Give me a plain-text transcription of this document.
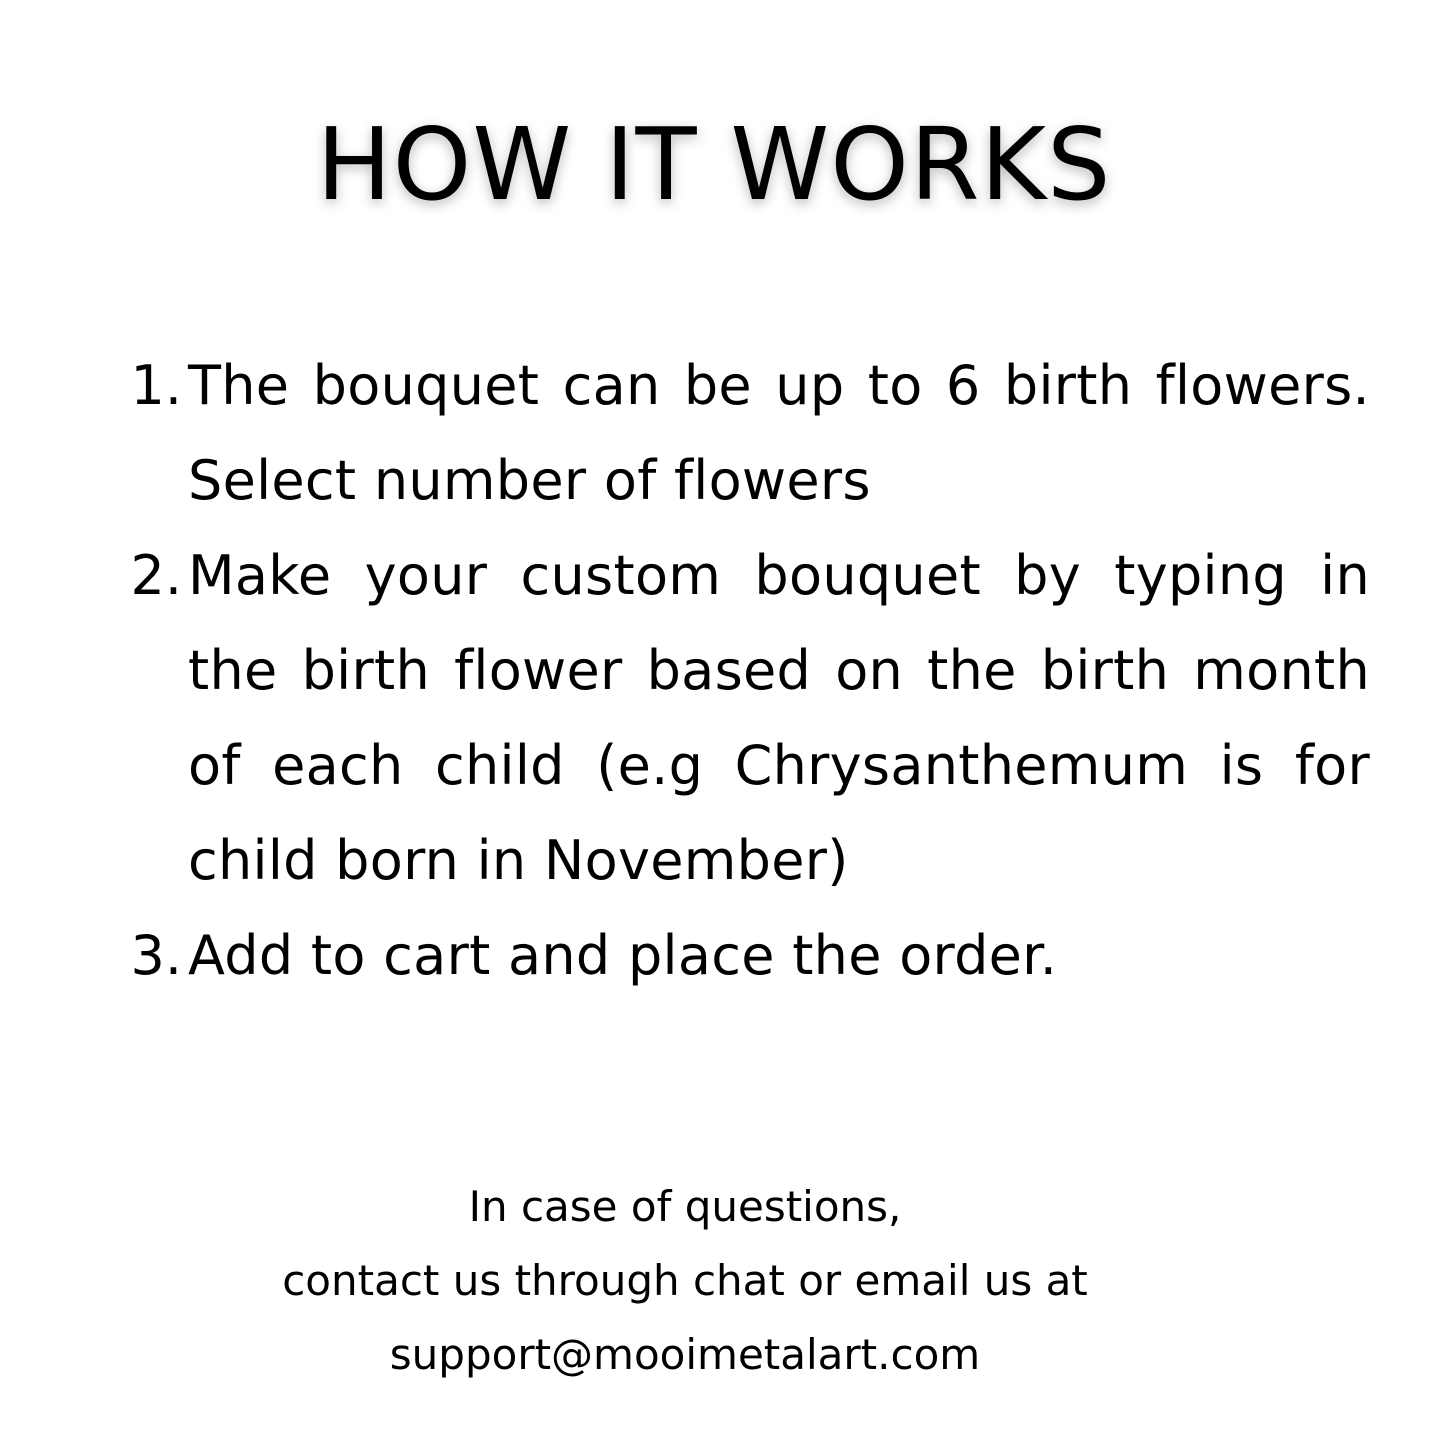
HOW IT WORKS
1. The bouquet can be up to 6 birth flowers. Select number of flowers
2. Make your custom bouquet by typing in the birth flower based on the birth month of each child (e.g Chrysanthemum is for child born in November)
3. Add to cart and place the order.
In case of questions,
contact us through chat or email us at
support@mooimetalart.com
